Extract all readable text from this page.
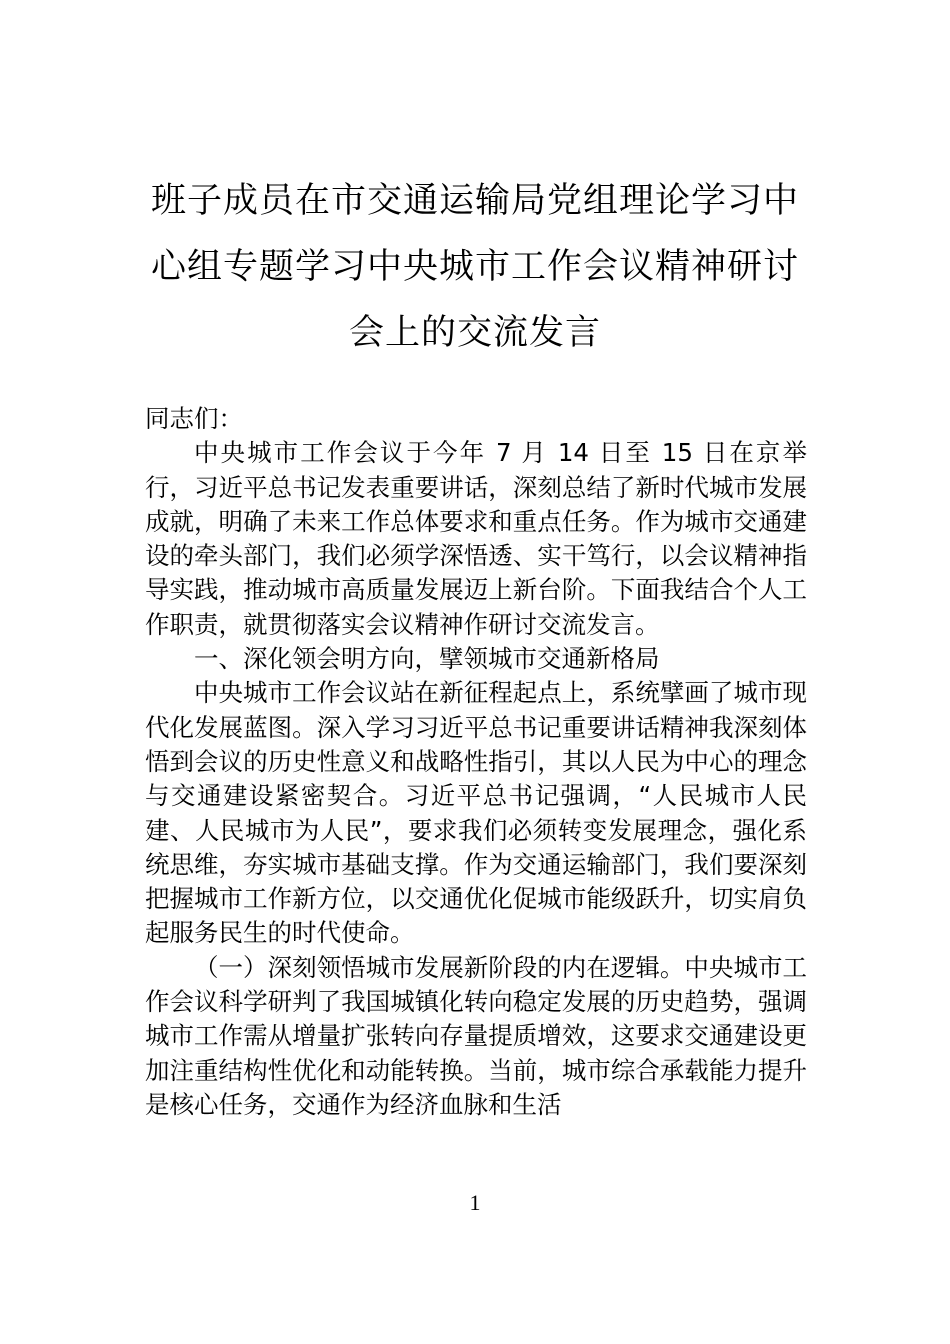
班子成员在市交通运输局党组理论学习中心组专题学习中央城市工作会议精神研讨会上的交流发言

同志们：

中央城市工作会议于今年 7 月 14 日至 15 日在京举行，习近平总书记发表重要讲话，深刻总结了新时代城市发展成就，明确了未来工作总体要求和重点任务。作为城市交通建设的牵头部门，我们必须学深悟透、实干笃行，以会议精神指导实践，推动城市高质量发展迈上新台阶。下面我结合个人工作职责，就贯彻落实会议精神作研讨交流发言。

一、深化领会明方向，擘领城市交通新格局

中央城市工作会议站在新征程起点上，系统擘画了城市现代化发展蓝图。深入学习习近平总书记重要讲话精神我深刻体悟到会议的历史性意义和战略性指引，其以人民为中心的理念与交通建设紧密契合。习近平总书记强调，“人民城市人民建、人民城市为人民”，要求我们必须转变发展理念，强化系统思维，夯实城市基础支撑。作为交通运输部门，我们要深刻把握城市工作新方位，以交通优化促城市能级跃升，切实肩负起服务民生的时代使命。

（一）深刻领悟城市发展新阶段的内在逻辑。中央城市工作会议科学研判了我国城镇化转向稳定发展的历史趋势，强调城市工作需从增量扩张转向存量提质增效，这要求交通建设更加注重结构性优化和动能转换。当前，城市综合承载能力提升是核心任务，交通作为经济血脉和生活

1
